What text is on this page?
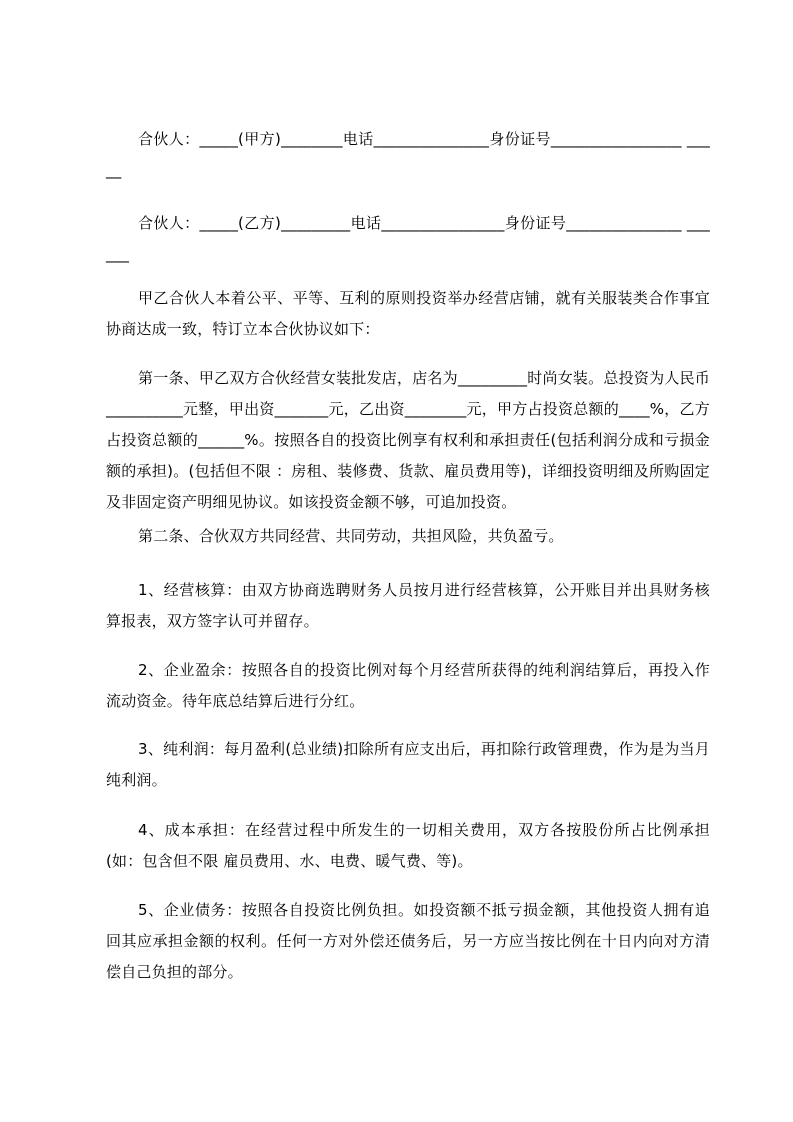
合伙人：_____(甲方)________电话_______________身份证号_________________ _____
合伙人：_____(乙方)_________电话________________身份证号_______________ ______
甲乙合伙人本着公平、平等、互利的原则投资举办经营店铺，就有关服装类合作事宜协商达成一致，特订立本合伙协议如下：
第一条、甲乙双方合伙经营女装批发店，店名为_________时尚女装。总投资为人民币__________元整，甲出资_______元，乙出资________元，甲方占投资总额的____%，乙方占投资总额的______%。按照各自的投资比例享有权利和承担责任(包括利润分成和亏损金额的承担)。(包括但不限 ：房租、装修费、货款、雇员费用等)，详细投资明细及所购固定及非固定资产明细见协议。如该投资金额不够，可追加投资。
第二条、合伙双方共同经营、共同劳动，共担风险，共负盈亏。
1、经营核算：由双方协商选聘财务人员按月进行经营核算，公开账目并出具财务核算报表，双方签字认可并留存。
2、企业盈余：按照各自的投资比例对每个月经营所获得的纯利润结算后，再投入作流动资金。待年底总结算后进行分红。
3、纯利润：每月盈利(总业绩)扣除所有应支出后，再扣除行政管理费，作为是为当月纯利润。
4、成本承担：在经营过程中所发生的一切相关费用，双方各按股份所占比例承担(如：包含但不限 雇员费用、水、电费、暖气费、等)。
5、企业债务：按照各自投资比例负担。如投资额不抵亏损金额，其他投资人拥有追回其应承担金额的权利。任何一方对外偿还债务后，另一方应当按比例在十日内向对方清偿自己负担的部分。
